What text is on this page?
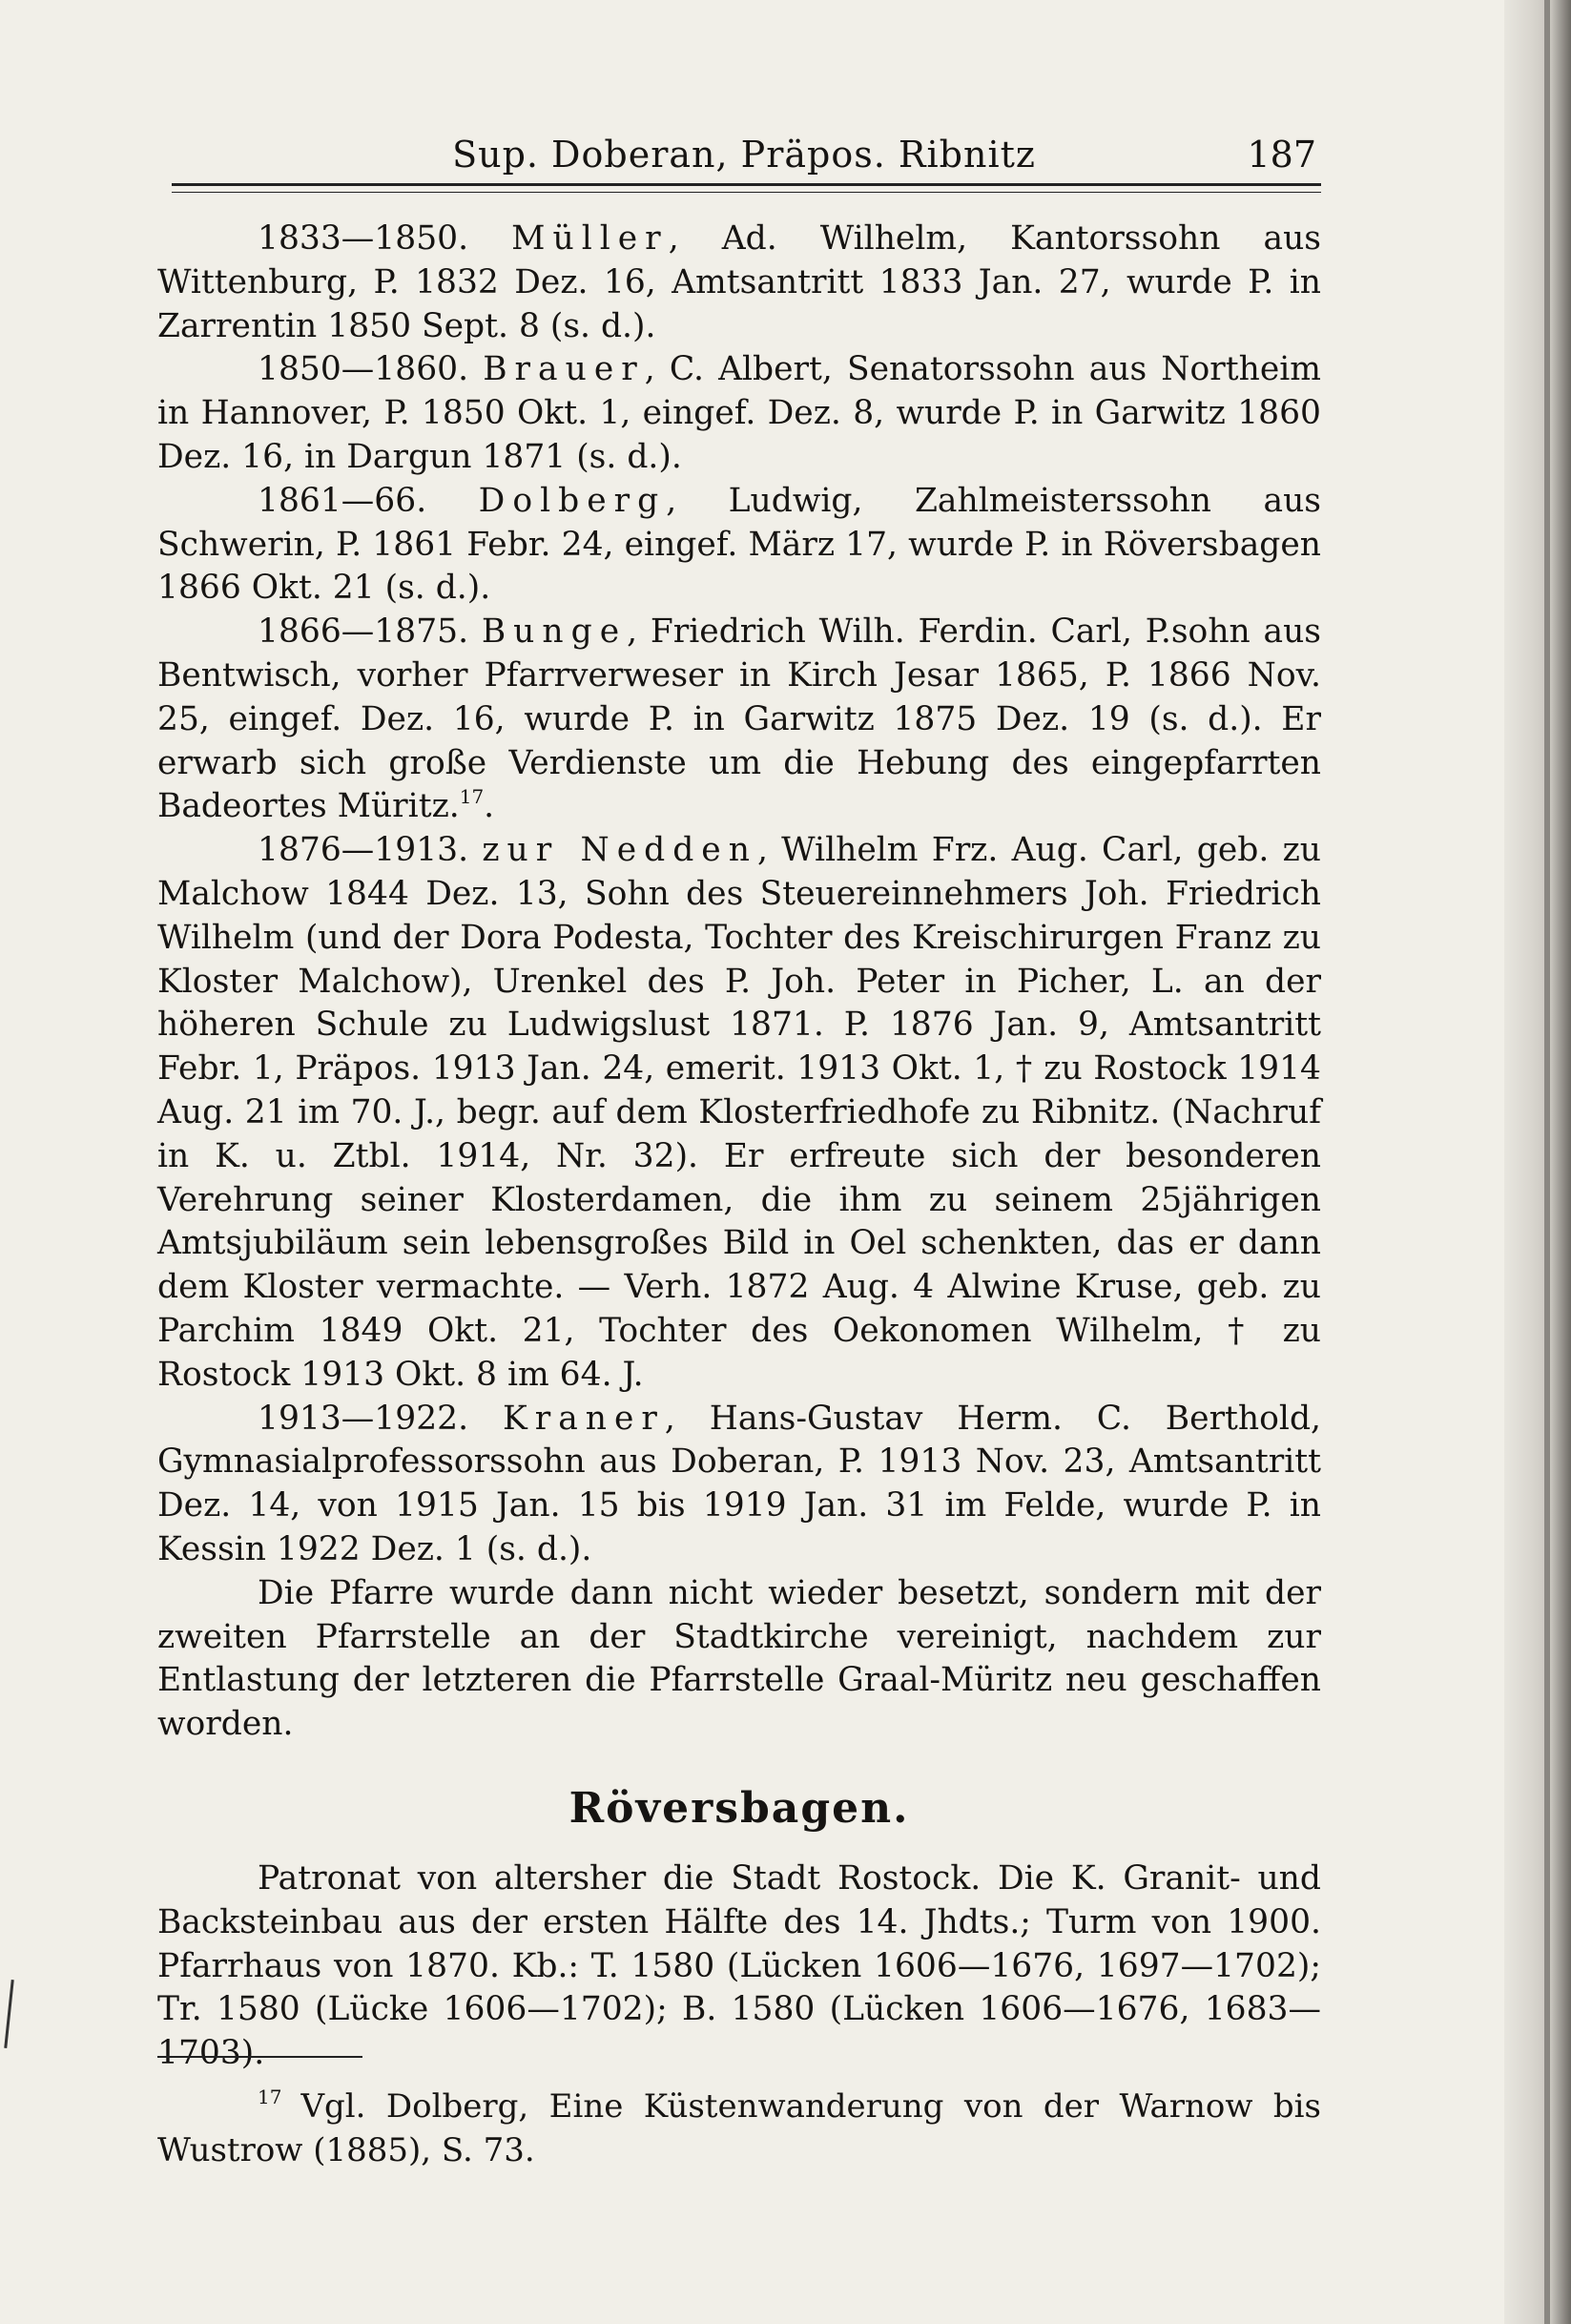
Sup. Doberan, Präpos. Ribnitz	187

1833—1850. Müller, Ad. Wilhelm, Kantorssohn aus Wittenburg, P. 1832 Dez. 16, Amtsantritt 1833 Jan. 27, wurde P. in Zarrentin 1850 Sept. 8 (s. d.).

1850—1860. Brauer, C. Albert, Senatorssohn aus Northeim in Hannover, P. 1850 Okt. 1, eingef. Dez. 8, wurde P. in Garwitz 1860 Dez. 16, in Dargun 1871 (s. d.).

1861—66. Dolberg, Ludwig, Zahlmeisterssohn aus Schwerin, P. 1861 Febr. 24, eingef. März 17, wurde P. in Röversbagen 1866 Okt. 21 (s. d.).

1866—1875. Bunge, Friedrich Wilh. Ferdin. Carl, P.sohn aus Bentwisch, vorher Pfarrverweser in Kirch Jesar 1865, P. 1866 Nov. 25, eingef. Dez. 16, wurde P. in Garwitz 1875 Dez. 19 (s. d.). Er erwarb sich große Verdienste um die Hebung des eingepfarrten Badeortes Müritz.$^{17}$.

1876—1913. zur Nedden, Wilhelm Frz. Aug. Carl, geb. zu Malchow 1844 Dez. 13, Sohn des Steuereinnehmers Joh. Friedrich Wilhelm (und der Dora Podesta, Tochter des Kreischirurgen Franz zu Kloster Malchow), Urenkel des P. Joh. Peter in Picher, L. an der höheren Schule zu Ludwigslust 1871. P. 1876 Jan. 9, Amtsantritt Febr. 1, Präpos. 1913 Jan. 24, emerit. 1913 Okt. 1, † zu Rostock 1914 Aug. 21 im 70. J., begr. auf dem Klosterfriedhofe zu Ribnitz. (Nachruf in K. u. Ztbl. 1914, Nr. 32). Er erfreute sich der besonderen Verehrung seiner Klosterdamen, die ihm zu seinem 25jährigen Amtsjubiläum sein lebensgroßes Bild in Oel schenkten, das er dann dem Kloster vermachte. — Verh. 1872 Aug. 4 Alwine Kruse, geb. zu Parchim 1849 Okt. 21, Tochter des Oekonomen Wilhelm, † zu Rostock 1913 Okt. 8 im 64. J.

1913—1922. Kraner, Hans-Gustav Herm. C. Berthold, Gymnasialprofessorssohn aus Doberan, P. 1913 Nov. 23, Amtsantritt Dez. 14, von 1915 Jan. 15 bis 1919 Jan. 31 im Felde, wurde P. in Kessin 1922 Dez. 1 (s. d.).

Die Pfarre wurde dann nicht wieder besetzt, sondern mit der zweiten Pfarrstelle an der Stadtkirche vereinigt, nachdem zur Entlastung der letzteren die Pfarrstelle Graal-Müritz neu geschaffen worden.

Röversbagen.

Patronat von altersher die Stadt Rostock. Die K. Granit- und Backsteinbau aus der ersten Hälfte des 14. Jhdts.; Turm von 1900. Pfarrhaus von 1870. Kb.: T. 1580 (Lücken 1606—1676, 1697—1702); Tr. 1580 (Lücke 1606—1702); B. 1580 (Lücken 1606—1676, 1683—1703).

$^{17}$ Vgl. Dolberg, Eine Küstenwanderung von der Warnow bis Wustrow (1885), S. 73.
